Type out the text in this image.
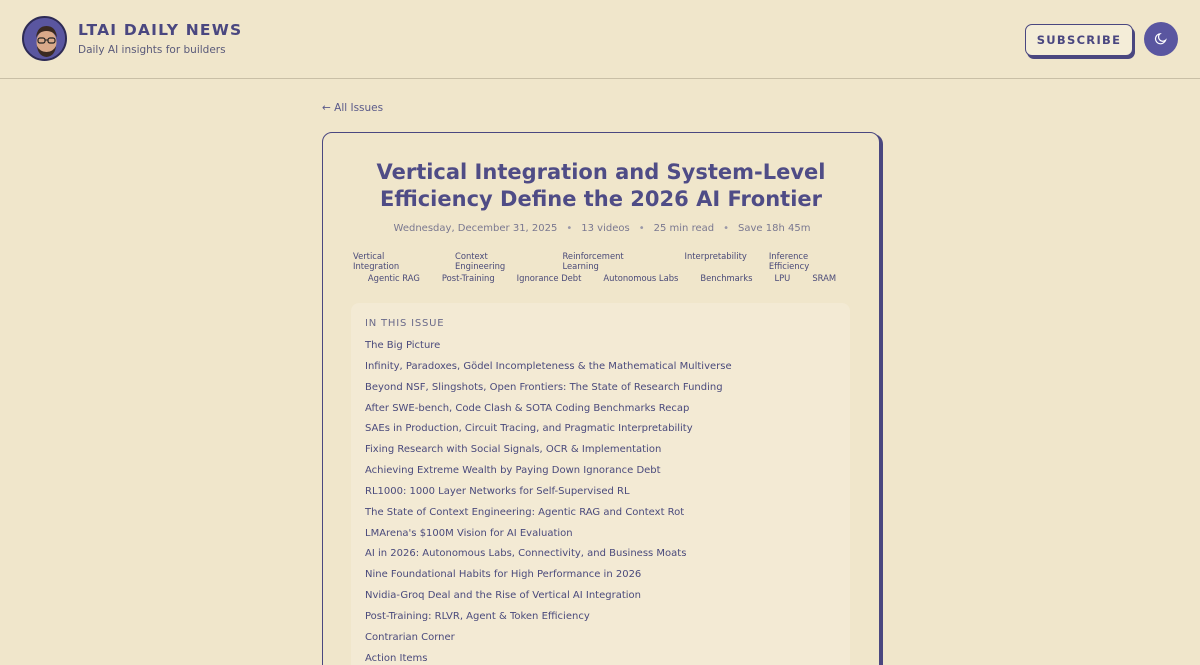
LTAI DAILY NEWS
Daily AI insights for builders
SUBSCRIBE
← All Issues
Vertical Integration and System-Level Efficiency Define the 2026 AI Frontier
Wednesday, December 31, 2025 • 13 videos • 25 min read • Save 18h 45m
Vertical Integration
Context Engineering
Reinforcement Learning
Interpretability	Inference Efficiency
Agentic RAG	Post-Training	Ignorance Debt	Autonomous Labs	Benchmarks	LPU	SRAM
IN THIS ISSUE
The Big Picture
Infinity, Paradoxes, Gödel Incompleteness & the Mathematical Multiverse
Beyond NSF, Slingshots, Open Frontiers: The State of Research Funding
After SWE-bench, Code Clash & SOTA Coding Benchmarks Recap
SAEs in Production, Circuit Tracing, and Pragmatic Interpretability
Fixing Research with Social Signals, OCR & Implementation
Achieving Extreme Wealth by Paying Down Ignorance Debt
RL1000: 1000 Layer Networks for Self-Supervised RL
The State of Context Engineering: Agentic RAG and Context Rot
LMArena's $100M Vision for AI Evaluation
AI in 2026: Autonomous Labs, Connectivity, and Business Moats
Nine Foundational Habits for High Performance in 2026
Nvidia-Groq Deal and the Rise of Vertical AI Integration
Post-Training: RLVR, Agent & Token Efficiency
Contrarian Corner
Action Items
